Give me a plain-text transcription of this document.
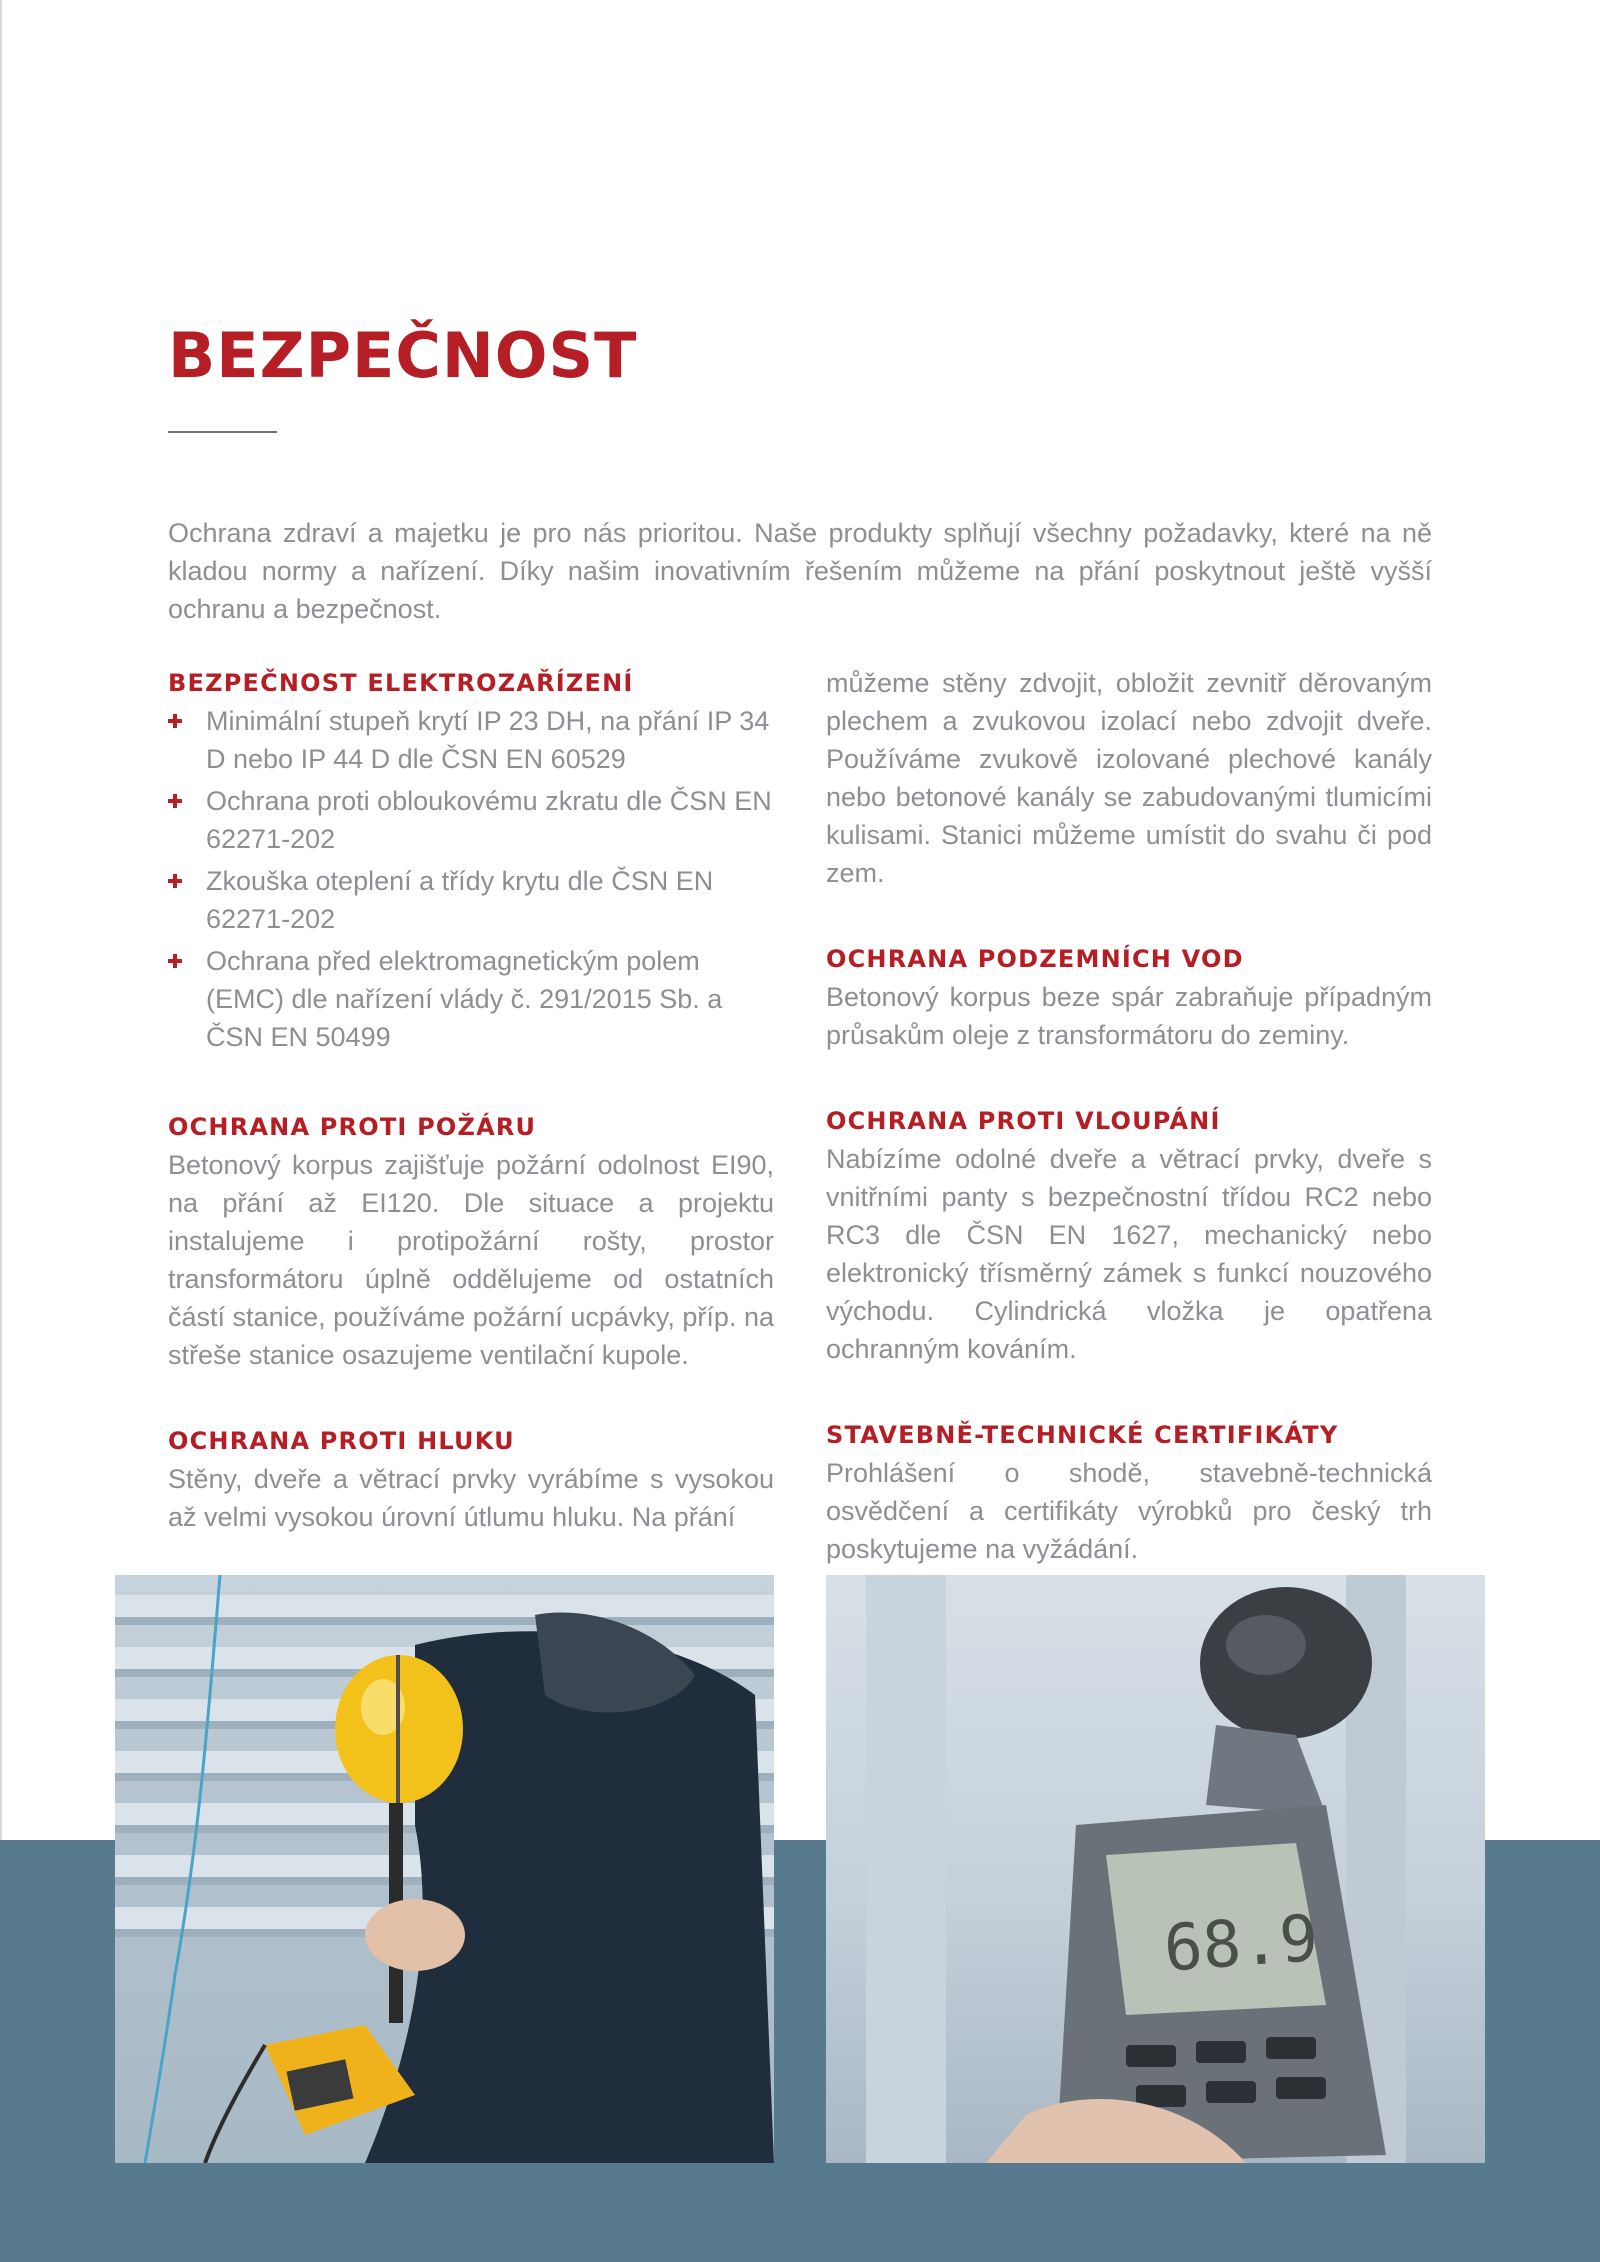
BEZPEČNOST

Ochrana zdraví a majetku je pro nás prioritou. Naše produkty splňují všechny požadavky, které na ně kladou normy a nařízení. Díky našim inovativním řešením můžeme na přání poskytnout ještě vyšší ochranu a bezpečnost.

BEZPEČNOST ELEKTROZAŘÍZENÍ
Minimální stupeň krytí IP 23 DH, na přání IP 34 D nebo IP 44 D dle ČSN EN 60529
Ochrana proti obloukovému zkratu dle ČSN EN 62271-202
Zkouška oteplení a třídy krytu dle ČSN EN 62271-202
Ochrana před elektromagnetickým polem (EMC) dle nařízení vlády č. 291/2015 Sb. a ČSN EN 50499
OCHRANA PROTI POŽÁRU

Betonový korpus zajišťuje požární odolnost EI90, na přání až EI120. Dle situace a projektu instalujeme i protipožární rošty, prostor transformátoru úplně oddělujeme od ostatních částí stanice, používáme požární ucpávky, příp. na střeše stanice osazujeme ventilační kupole.

OCHRANA PROTI HLUKU

Stěny, dveře a větrací prvky vyrábíme s vysokou až velmi vysokou úrovní útlumu hluku. Na přání

můžeme stěny zdvojit, obložit zevnitř děrovaným plechem a zvukovou izolací nebo zdvojit dveře. Používáme zvukově izolované plechové kanály nebo betonové kanály se zabudovanými tlumicími kulisami. Stanici můžeme umístit do svahu či pod zem.

OCHRANA PODZEMNÍCH VOD

Betonový korpus beze spár zabraňuje případným průsakům oleje z transformátoru do zeminy.

OCHRANA PROTI VLOUPÁNÍ

Nabízíme odolné dveře a větrací prvky, dveře s vnitřními panty s bezpečnostní třídou RC2 nebo RC3 dle ČSN EN 1627, mechanický nebo elektronický třísměrný zámek s funkcí nouzového východu. Cylindrická vložka je opatřena ochranným kováním.

STAVEBNĚ-TECHNICKÉ CERTIFIKÁTY

Prohlášení o shodě, stavebně-technická osvědčení a certifikáty výrobků pro český trh poskytujeme na vyžádání.

68.9
